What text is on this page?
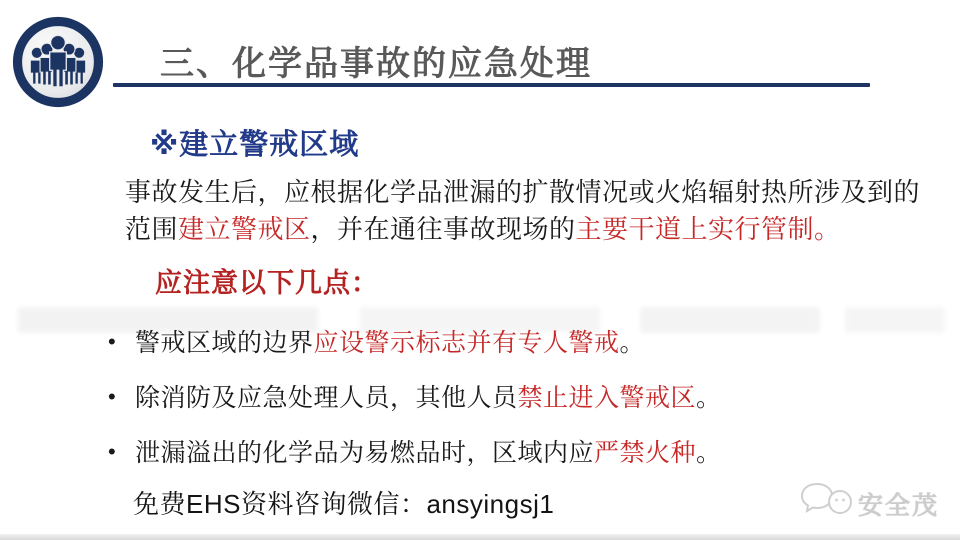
三、化学品事故的应急处理
※建立警戒区域
事故发生后，应根据化学品泄漏的扩散情况或火焰辐射热所涉及到的范围建立警戒区，并在通往事故现场的主要干道上实行管制。
应注意以下几点：
• 警戒区域的边界应设警示标志并有专人警戒。
• 除消防及应急处理人员，其他人员禁止进入警戒区。
• 泄漏溢出的化学品为易燃品时，区域内应严禁火种。
免费EHS资料咨询微信：ansyingsj1	安全茂
